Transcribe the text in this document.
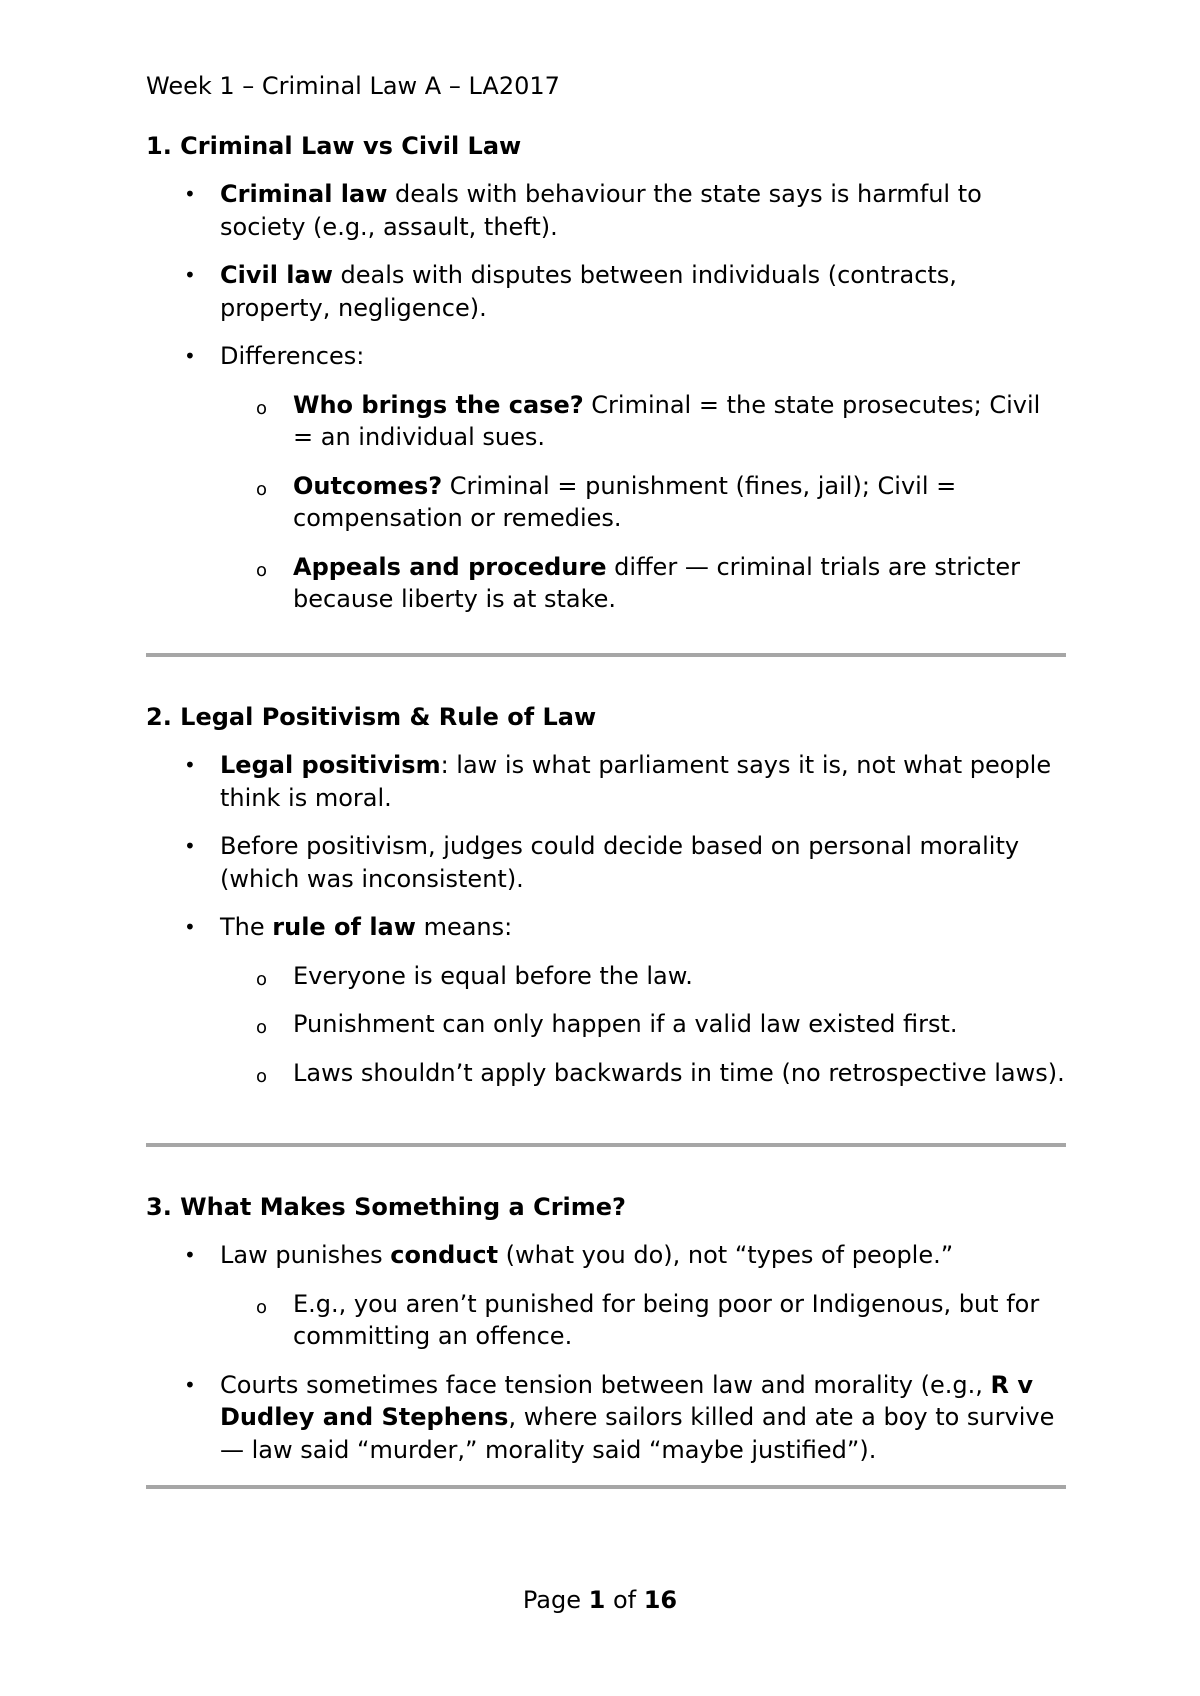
Week 1 – Criminal Law A – LA2017
1. Criminal Law vs Civil Law
• Criminal law deals with behaviour the state says is harmful to society (e.g., assault, theft).
• Civil law deals with disputes between individuals (contracts, property, negligence).
• Differences:
o Who brings the case? Criminal = the state prosecutes; Civil = an individual sues.
o Outcomes? Criminal = punishment (fines, jail); Civil = compensation or remedies.
o Appeals and procedure differ — criminal trials are stricter because liberty is at stake.
2. Legal Positivism & Rule of Law
• Legal positivism: law is what parliament says it is, not what people think is moral.
• Before positivism, judges could decide based on personal morality (which was inconsistent).
• The rule of law means:
o Everyone is equal before the law.
o Punishment can only happen if a valid law existed first.
o Laws shouldn’t apply backwards in time (no retrospective laws).
3. What Makes Something a Crime?
• Law punishes conduct (what you do), not “types of people.”
o E.g., you aren’t punished for being poor or Indigenous, but for committing an offence.
• Courts sometimes face tension between law and morality (e.g., R v Dudley and Stephens, where sailors killed and ate a boy to survive — law said “murder,” morality said “maybe justified”).
Page 1 of 16
